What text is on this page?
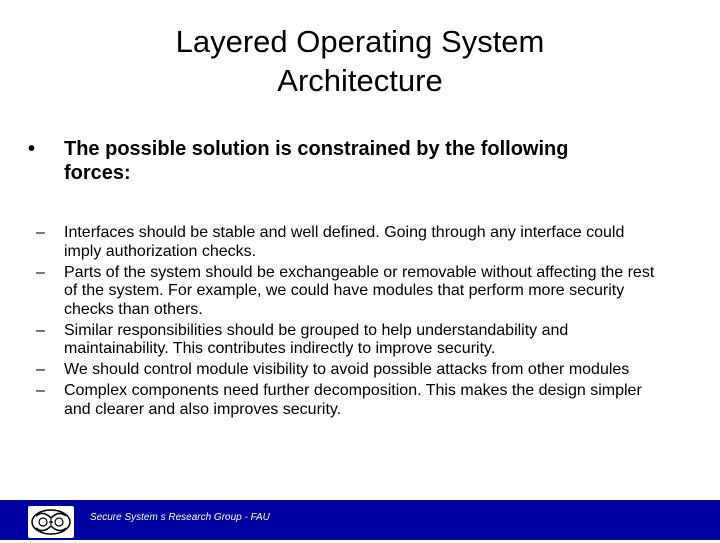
Layered Operating System
Architecture
•	The possible solution is constrained by the following forces:
– Interfaces should be stable and well defined. Going through any interface could imply authorization checks.
– Parts of the system should be exchangeable or removable without affecting the rest of the system. For example, we could have modules that perform more security checks than others.
– Similar responsibilities should be grouped to help understandability and maintainability. This contributes indirectly to improve security.
– We should control module visibility to avoid possible attacks from other modules
– Complex components need further decomposition. This makes the design simpler and clearer and also improves security.
Secure System s Research Group - FAU
